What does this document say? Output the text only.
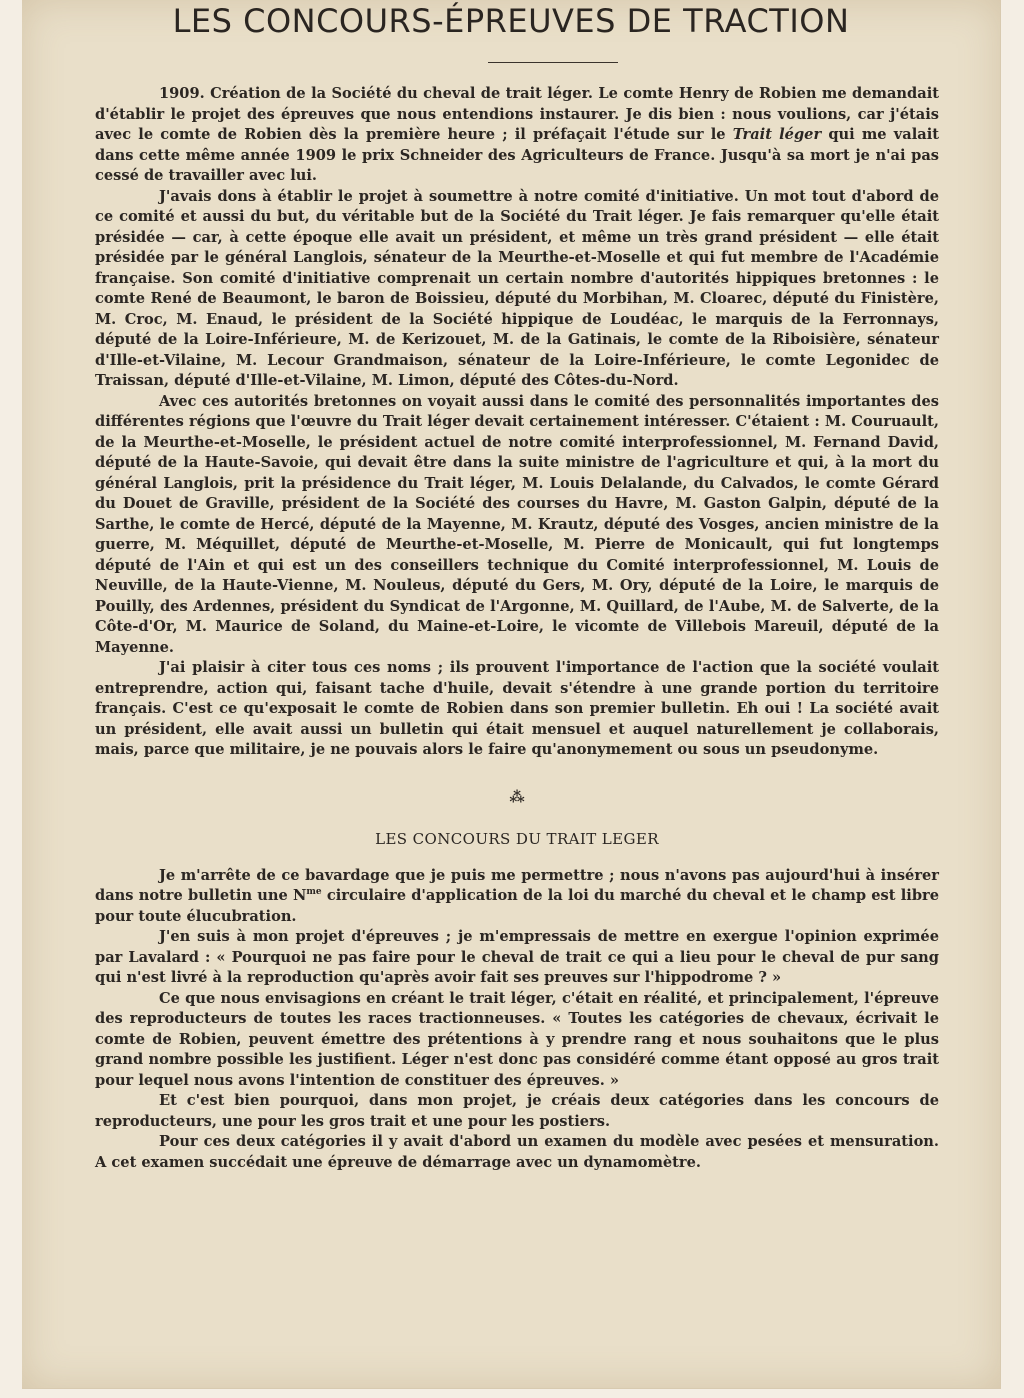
LES CONCOURS-ÉPREUVES DE TRACTION

1909. Création de la Société du cheval de trait léger. Le comte Henry de Robien me demandait d'établir le projet des épreuves que nous entendions instaurer. Je dis bien : nous voulions, car j'étais avec le comte de Robien dès la première heure ; il préfaçait l'étude sur le Trait léger qui me valait dans cette même année 1909 le prix Schneider des Agriculteurs de France. Jusqu'à sa mort je n'ai pas cessé de travailler avec lui.

J'avais dons à établir le projet à soumettre à notre comité d'initiative. Un mot tout d'abord de ce comité et aussi du but, du véritable but de la Société du Trait léger. Je fais remarquer qu'elle était présidée — car, à cette époque elle avait un président, et même un très grand président — elle était présidée par le général Langlois, sénateur de la Meurthe-et-Moselle et qui fut membre de l'Académie française. Son comité d'initiative comprenait un certain nombre d'autorités hippiques bretonnes : le comte René de Beaumont, le baron de Boissieu, député du Morbihan, M. Cloarec, député du Finistère, M. Croc, M. Enaud, le président de la Société hippique de Loudéac, le marquis de la Ferronnays, député de la Loire-Inférieure, M. de Kerizouet, M. de la Gatinais, le comte de la Riboisière, sénateur d'Ille-et-Vilaine, M. Lecour Grandmaison, sénateur de la Loire-Inférieure, le comte Legonidec de Traissan, député d'Ille-et-Vilaine, M. Limon, député des Côtes-du-Nord.

Avec ces autorités bretonnes on voyait aussi dans le comité des personnalités importantes des différentes régions que l'œuvre du Trait léger devait certainement intéresser. C'étaient : M. Couruault, de la Meurthe-et-Moselle, le président actuel de notre comité interprofessionnel, M. Fernand David, député de la Haute-Savoie, qui devait être dans la suite ministre de l'agriculture et qui, à la mort du général Langlois, prit la présidence du Trait léger, M. Louis Delalande, du Calvados, le comte Gérard du Douet de Graville, président de la Société des courses du Havre, M. Gaston Galpin, député de la Sarthe, le comte de Hercé, député de la Mayenne, M. Krautz, député des Vosges, ancien ministre de la guerre, M. Méquillet, député de Meurthe-et-Moselle, M. Pierre de Monicault, qui fut longtemps député de l'Ain et qui est un des conseillers technique du Comité interprofessionnel, M. Louis de Neuville, de la Haute-Vienne, M. Nouleus, député du Gers, M. Ory, député de la Loire, le marquis de Pouilly, des Ardennes, président du Syndicat de l'Argonne, M. Quillard, de l'Aube, M. de Salverte, de la Côte-d'Or, M. Maurice de Soland, du Maine-et-Loire, le vicomte de Villebois Mareuil, député de la Mayenne.

J'ai plaisir à citer tous ces noms ; ils prouvent l'importance de l'action que la société voulait entreprendre, action qui, faisant tache d'huile, devait s'étendre à une grande portion du territoire français. C'est ce qu'exposait le comte de Robien dans son premier bulletin. Eh oui ! La société avait un président, elle avait aussi un bulletin qui était mensuel et auquel naturellement je collaborais, mais, parce que militaire, je ne pouvais alors le faire qu'anonymement ou sous un pseudonyme.

⁂
LES CONCOURS DU TRAIT LEGER

Je m'arrête de ce bavardage que je puis me permettre ; nous n'avons pas aujourd'hui à insérer dans notre bulletin une $N^{me}$ circulaire d'application de la loi du marché du cheval et le champ est libre pour toute élucubration.

J'en suis à mon projet d'épreuves ; je m'empressais de mettre en exergue l'opinion exprimée par Lavalard : « Pourquoi ne pas faire pour le cheval de trait ce qui a lieu pour le cheval de pur sang qui n'est livré à la reproduction qu'après avoir fait ses preuves sur l'hippodrome ? »

Ce que nous envisagions en créant le trait léger, c'était en réalité, et principalement, l'épreuve des reproducteurs de toutes les races tractionneuses. « Toutes les catégories de chevaux, écrivait le comte de Robien, peuvent émettre des prétentions à y prendre rang et nous souhaitons que le plus grand nombre possible les justifient. Léger n'est donc pas considéré comme étant opposé au gros trait pour lequel nous avons l'intention de constituer des épreuves. »

Et c'est bien pourquoi, dans mon projet, je créais deux catégories dans les concours de reproducteurs, une pour les gros trait et une pour les postiers.

Pour ces deux catégories il y avait d'abord un examen du modèle avec pesées et mensuration. A cet examen succédait une épreuve de démarrage avec un dynamomètre.
